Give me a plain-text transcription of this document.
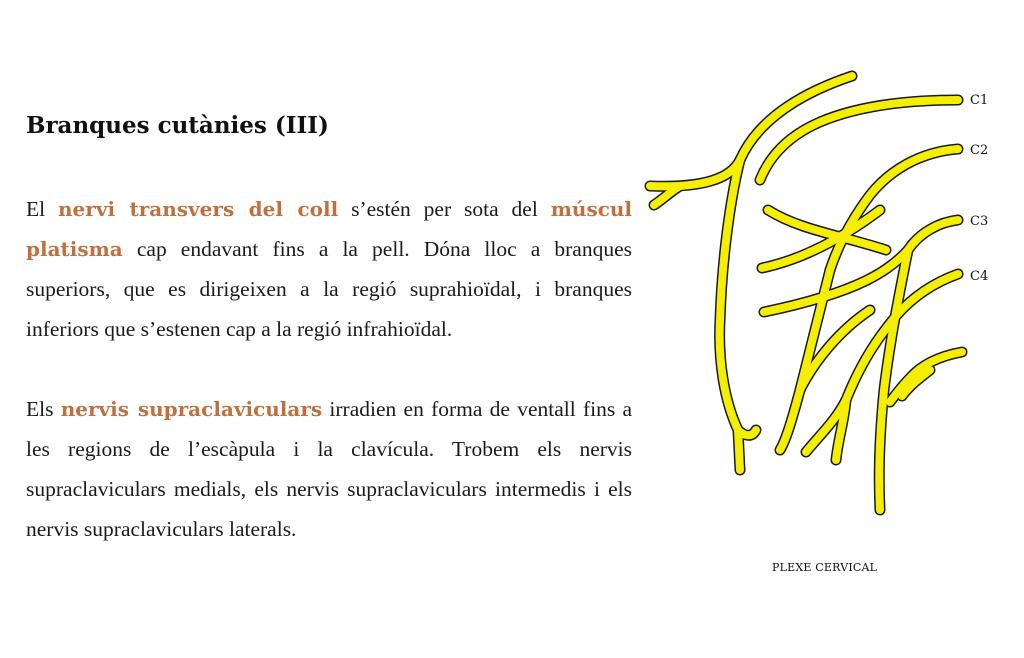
Branques cutànies (III)

El nervi transvers del coll s’estén per sota del múscul platisma cap endavant fins a la pell. Dóna lloc a branques superiors, que es dirigeixen a la regió suprahioïdal, i branques inferiors que s’estenen cap a la regió infrahioïdal.

Els nervis supraclaviculars irradien en forma de ventall fins a les regions de l’escàpula i la clavícula. Trobem els nervis supraclaviculars medials, els nervis supraclaviculars intermedis i els nervis supraclaviculars laterals.

C1
C2
C3
C4
PLEXE CERVICAL
